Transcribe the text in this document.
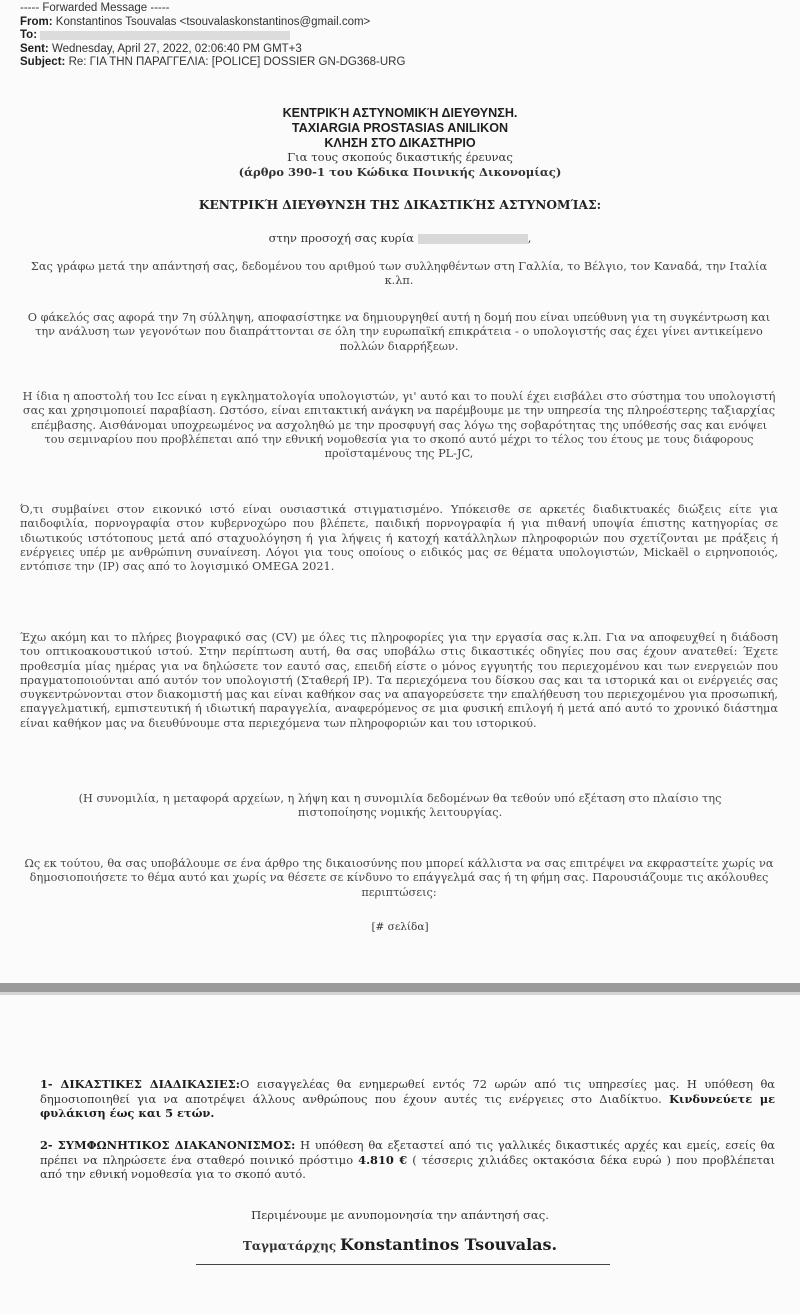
----- Forwarded Message -----
From: Konstantinos Tsouvalas <tsouvalaskonstantinos@gmail.com>
To:
Sent: Wednesday, April 27, 2022, 02:06:40 PM GMT+3
Subject: Re: ΓΙΑ ΤΗΝ ΠΑΡΑΓΓΕΛΙΑ: [POLICE] DOSSIER GN-DG368-URG
ΚΕΝΤΡΙΚΉ ΑΣΤΥΝΟΜΙΚΉ ΔΙΕΥΘΥΝΣΗ.
TAXIARGIA PROSTASIAS ANILIKON
ΚΛΗΣΗ ΣΤΟ ΔΙΚΑΣΤΗΡΙΟ
Για τους σκοπούς δικαστικής έρευνας
(άρθρο 390-1 του Κώδικα Ποινικής Δικονομίας)
ΚΕΝΤΡΙΚΉ ΔΙΕΥΘΥΝΣΗ ΤΗΣ ΔΙΚΑΣΤΙΚΉΣ ΑΣΤΥΝΟΜΊΑΣ:
στην προσοχή σας κυρία	,
Σας γράφω μετά την απάντησή σας, δεδομένου του αριθμού των συλληφθέντων στη Γαλλία, το Βέλγιο, τον Καναδά, την Ιταλία κ.λπ.
Ο φάκελός σας αφορά την 7η σύλληψη, αποφασίστηκε να δημιουργηθεί αυτή η δομή που είναι υπεύθυνη για τη συγκέντρωση και την ανάλυση των γεγονότων που διαπράττονται σε όλη την ευρωπαϊκή επικράτεια - ο υπολογιστής σας έχει γίνει αντικείμενο πολλών διαρρήξεων.
Η ίδια η αποστολή του Icc είναι η εγκληματολογία υπολογιστών, γι' αυτό και το πουλί έχει εισβάλει στο σύστημα του υπολογιστή σας και χρησιμοποιεί παραβίαση. Ωστόσο, είναι επιτακτική ανάγκη να παρέμβουμε με την υπηρεσία της πληροέστερης ταξιαρχίας επέμβασης. Αισθάνομαι υποχρεωμένος να ασχοληθώ με την προσφυγή σας λόγω της σοβαρότητας της υπόθεσής σας και ενόψει του σεμιναρίου που προβλέπεται από την εθνική νομοθεσία για το σκοπό αυτό μέχρι το τέλος του έτους με τους διάφορους προϊσταμένους της PL-JC,
Ό,τι συμβαίνει στον εικονικό ιστό είναι ουσιαστικά στιγματισμένο. Υπόκεισθε σε αρκετές διαδικτυακές διώξεις είτε για παιδοφιλία, πορνογραφία στον κυβερνοχώρο που βλέπετε, παιδική πορνογραφία ή για πιθανή υποψία έπιστης κατηγορίας σε ιδιωτικούς ιστότοπους μετά από σταχυολόγηση ή για λήψεις ή κατοχή κατάλληλων πληροφοριών που σχετίζονται με πράξεις ή ενέργειες υπέρ με ανθρώπινη συναίνεση. Λόγοι για τους οποίους ο ειδικός μας σε θέματα υπολογιστών, Mickaël ο ειρηνοποιός, εντόπισε την (IP) σας από το λογισμικό OMEGA 2021.
Έχω ακόμη και το πλήρες βιογραφικό σας (CV) με όλες τις πληροφορίες για την εργασία σας κ.λπ. Για να αποφευχθεί η διάδοση του οπτικοακουστικού ιστού. Στην περίπτωση αυτή, θα σας υποβάλω στις δικαστικές οδηγίες που σας έχουν ανατεθεί: Έχετε προθεσμία μίας ημέρας για να δηλώσετε τον εαυτό σας, επειδή είστε ο μόνος εγγυητής του περιεχομένου και των ενεργειών που πραγματοποιούνται από αυτόν τον υπολογιστή (Σταθερή IP). Τα περιεχόμενα του δίσκου σας και τα ιστορικά και οι ενέργειές σας συγκεντρώνονται στον διακομιστή μας και είναι καθήκον σας να απαγορεύσετε την επαλήθευση του περιεχομένου για προσωπική, επαγγελματική, εμπιστευτική ή ιδιωτική παραγγελία, αναφερόμενος σε μια φυσική επιλογή ή μετά από αυτό το χρονικό διάστημα είναι καθήκον μας να διευθύνουμε στα περιεχόμενα των πληροφοριών και του ιστορικού.
(Η συνομιλία, η μεταφορά αρχείων, η λήψη και η συνομιλία δεδομένων θα τεθούν υπό εξέταση στο πλαίσιο της πιστοποίησης νομικής λειτουργίας.
Ως εκ τούτου, θα σας υποβάλουμε σε ένα άρθρο της δικαιοσύνης που μπορεί κάλλιστα να σας επιτρέψει να εκφραστείτε χωρίς να δημοσιοποιήσετε το θέμα αυτό και χωρίς να θέσετε σε κίνδυνο το επάγγελμά σας ή τη φήμη σας. Παρουσιάζουμε τις ακόλουθες περιπτώσεις:
[# σελίδα]
1- ΔΙΚΑΣΤΙΚΕΣ ΔΙΑΔΙΚΑΣΙΕΣ:Ο εισαγγελέας θα ενημερωθεί εντός 72 ωρών από τις υπηρεσίες μας. Η υπόθεση θα δημοσιοποιηθεί για να αποτρέψει άλλους ανθρώπους που έχουν αυτές τις ενέργειες στο Διαδίκτυο. Κινδυνεύετε με φυλάκιση έως και 5 ετών.
2- ΣΥΜΦΩΝΗΤΙΚΟΣ ΔΙΑΚΑΝΟΝΙΣΜΟΣ: Η υπόθεση θα εξεταστεί από τις γαλλικές δικαστικές αρχές και εμείς, εσείς θα πρέπει να πληρώσετε ένα σταθερό ποινικό πρόστιμο 4.810 € ( τέσσερις χιλιάδες οκτακόσια δέκα ευρώ ) που προβλέπεται από την εθνική νομοθεσία για το σκοπό αυτό.
Περιμένουμε με ανυπομονησία την απάντησή σας.
Ταγματάρχης Konstantinos Tsouvalas.
